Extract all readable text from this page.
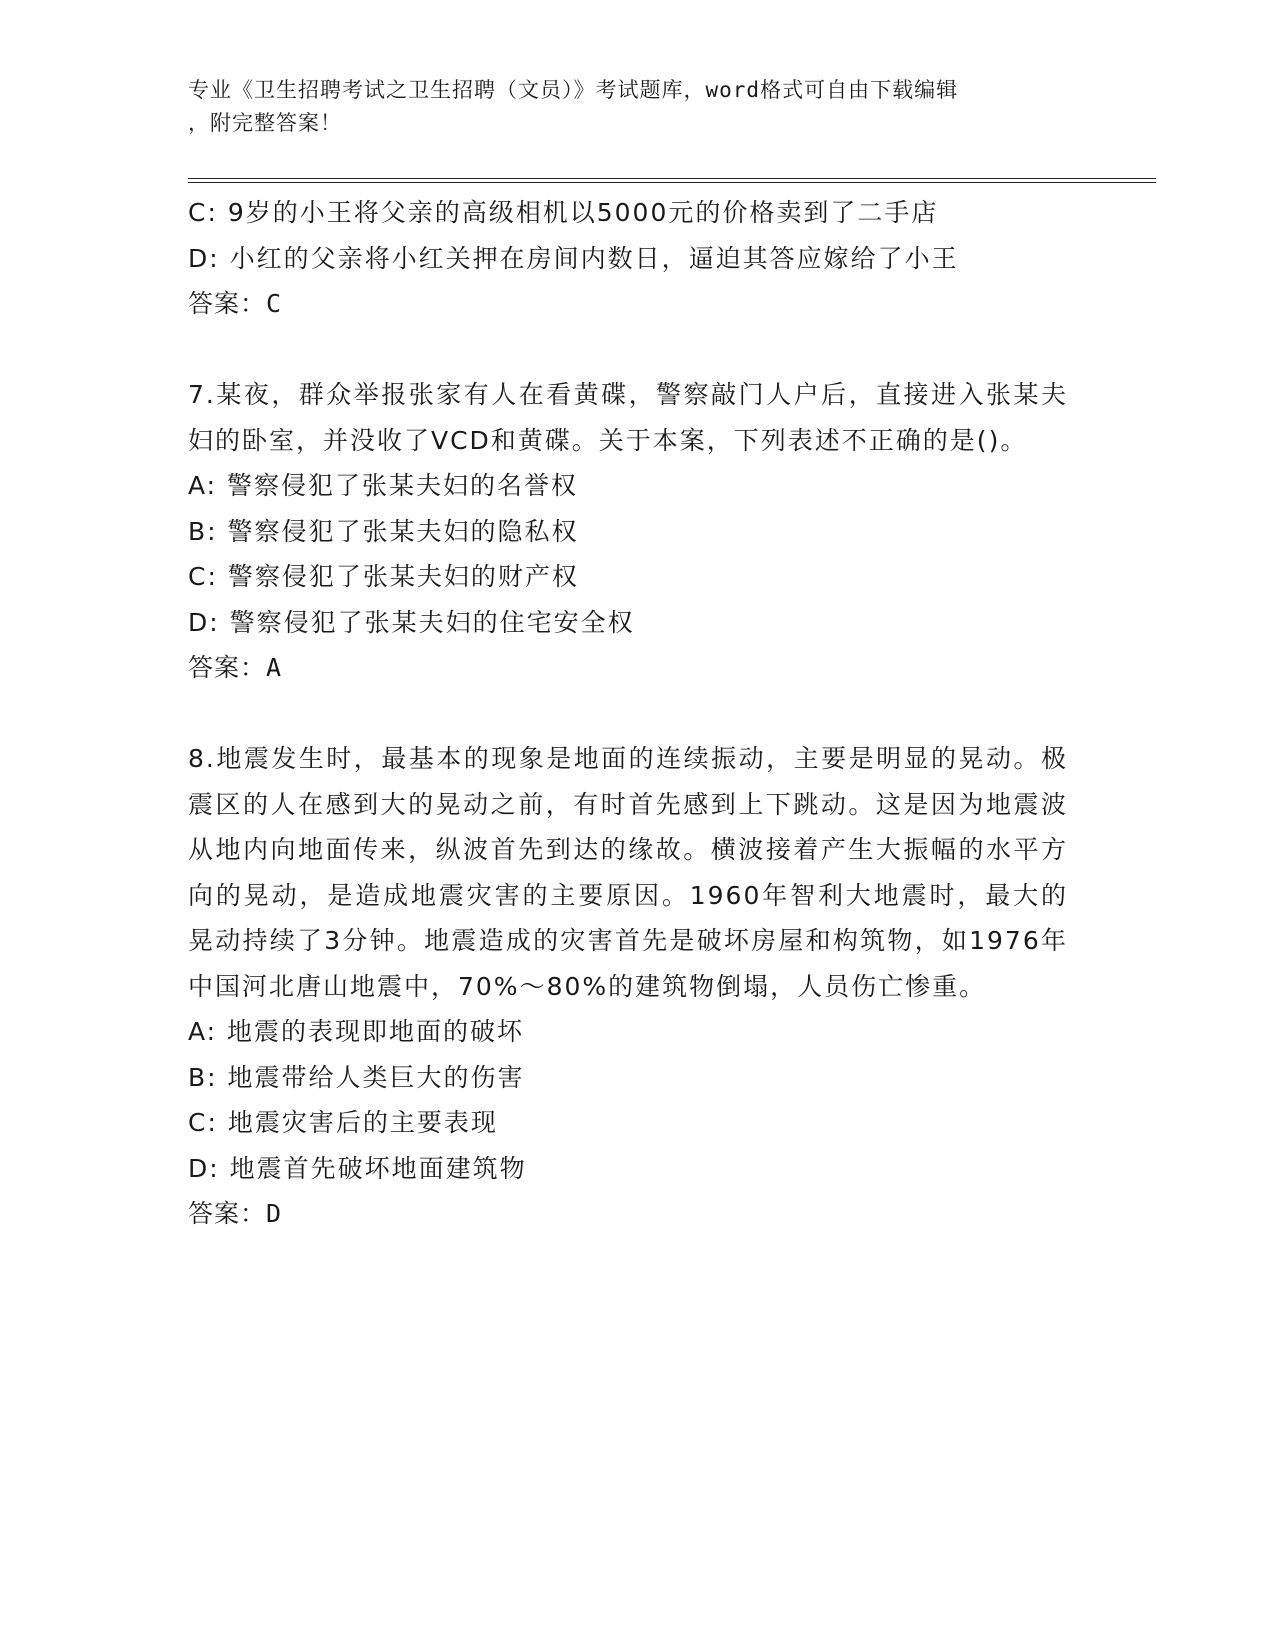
专业《卫生招聘考试之卫生招聘（文员）》考试题库，word格式可自由下载编辑
，附完整答案！
C: 9岁的小王将父亲的高级相机以5000元的价格卖到了二手店
D: 小红的父亲将小红关押在房间内数日，逼迫其答应嫁给了小王
答案：C
7.某夜，群众举报张家有人在看黄碟，警察敲门人户后，直接进入张某夫妇的卧室，并没收了VCD和黄碟。关于本案，下列表述不正确的是()。
A: 警察侵犯了张某夫妇的名誉权
B: 警察侵犯了张某夫妇的隐私权
C: 警察侵犯了张某夫妇的财产权
D: 警察侵犯了张某夫妇的住宅安全权
答案：A
8.地震发生时，最基本的现象是地面的连续振动，主要是明显的晃动。极震区的人在感到大的晃动之前，有时首先感到上下跳动。这是因为地震波从地内向地面传来，纵波首先到达的缘故。横波接着产生大振幅的水平方向的晃动，是造成地震灾害的主要原因。1960年智利大地震时，最大的晃动持续了3分钟。地震造成的灾害首先是破坏房屋和构筑物，如1976年中国河北唐山地震中，70%～80%的建筑物倒塌，人员伤亡惨重。
A: 地震的表现即地面的破坏
B: 地震带给人类巨大的伤害
C: 地震灾害后的主要表现
D: 地震首先破坏地面建筑物
答案：D
